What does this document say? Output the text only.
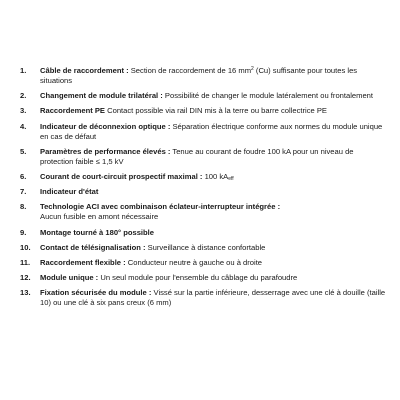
1.	Câble de raccordement : Section de raccordement de 16 $mm^2$ (Cu) suffisante pour toutes les situations
2.	Changement de module trilatéral : Possibilité de changer le module latéralement ou frontalement
3.	Raccordement PE Contact possible via rail DIN mis à la terre ou barre collectrice PE
4.	Indicateur de déconnexion optique : Séparation électrique conforme aux normes du module unique en cas de défaut
5.	Paramètres de performance élevés : Tenue au courant de foudre 100 kA pour un niveau de protection faible ≤ 1,5 kV
6.	Courant de court-circuit prospectif maximal : 100 $kA_{eff}$
7.	Indicateur d'état
8.	Technologie ACI avec combinaison éclateur-interrupteur intégrée :
Aucun fusible en amont nécessaire
9.	Montage tourné à 180° possible
10.	Contact de télésignalisation : Surveillance à distance confortable
11.	Raccordement flexible : Conducteur neutre à gauche ou à droite
12.	Module unique : Un seul module pour l'ensemble du câblage du parafoudre
13.	Fixation sécurisée du module : Vissé sur la partie inférieure, desserrage avec une clé à douille (taille 10) ou une clé à six pans creux (6 mm)
